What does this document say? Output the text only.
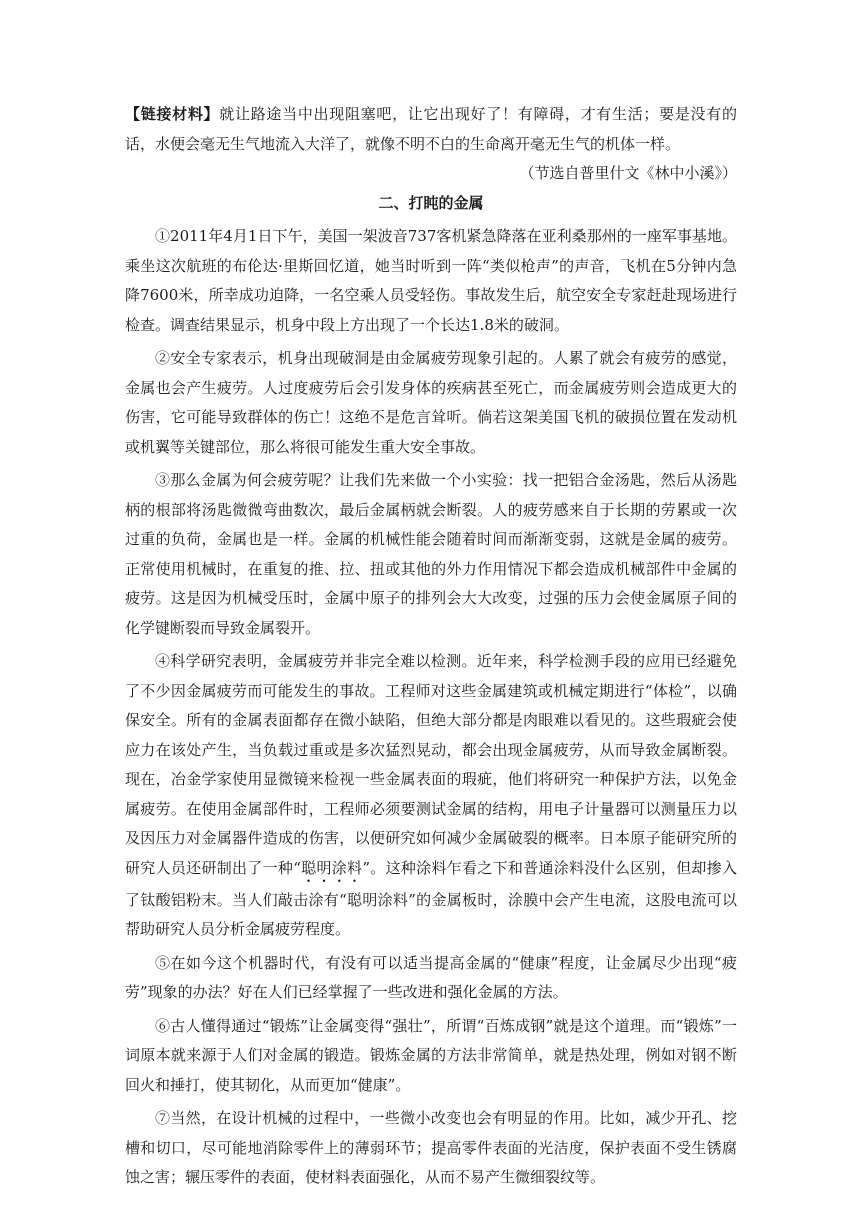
【链接材料】就让路途当中出现阻塞吧，让它出现好了！有障碍，才有生活；要是没有的话，水便会毫无生气地流入大洋了，就像不明不白的生命离开毫无生气的机体一样。

（节选自普里什文《林中小溪》）

二、打盹的金属

①2011年4月1日下午，美国一架波音737客机紧急降落在亚利桑那州的一座军事基地。乘坐这次航班的布伦达·里斯回忆道，她当时听到一阵“类似枪声”的声音，飞机在5分钟内急降7600米，所幸成功迫降，一名空乘人员受轻伤。事故发生后，航空安全专家赶赴现场进行检查。调查结果显示，机身中段上方出现了一个长达1.8米的破洞。

②安全专家表示，机身出现破洞是由金属疲劳现象引起的。人累了就会有疲劳的感觉，金属也会产生疲劳。人过度疲劳后会引发身体的疾病甚至死亡，而金属疲劳则会造成更大的伤害，它可能导致群体的伤亡！这绝不是危言耸听。倘若这架美国飞机的破损位置在发动机或机翼等关键部位，那么将很可能发生重大安全事故。

③那么金属为何会疲劳呢？让我们先来做一个小实验：找一把铝合金汤匙，然后从汤匙柄的根部将汤匙微微弯曲数次，最后金属柄就会断裂。人的疲劳感来自于长期的劳累或一次过重的负荷，金属也是一样。金属的机械性能会随着时间而渐渐变弱，这就是金属的疲劳。正常使用机械时，在重复的推、拉、扭或其他的外力作用情况下都会造成机械部件中金属的疲劳。这是因为机械受压时，金属中原子的排列会大大改变，过强的压力会使金属原子间的化学键断裂而导致金属裂开。

④科学研究表明，金属疲劳并非完全难以检测。近年来，科学检测手段的应用已经避免了不少因金属疲劳而可能发生的事故。工程师对这些金属建筑或机械定期进行“体检”，以确保安全。所有的金属表面都存在微小缺陷，但绝大部分都是肉眼难以看见的。这些瑕疵会使应力在该处产生，当负载过重或是多次猛烈晃动，都会出现金属疲劳，从而导致金属断裂。现在，冶金学家使用显微镜来检视一些金属表面的瑕疵，他们将研究一种保护方法，以免金属疲劳。在使用金属部件时，工程师必须要测试金属的结构，用电子计量器可以测量压力以及因压力对金属器件造成的伤害，以便研究如何减少金属破裂的概率。日本原子能研究所的研究人员还研制出了一种“聪明涂料”。这种涂料乍看之下和普通涂料没什么区别，但却掺入了钛酸铝粉末。当人们敲击涂有“聪明涂料”的金属板时，涂膜中会产生电流，这股电流可以帮助研究人员分析金属疲劳程度。

⑤在如今这个机器时代，有没有可以适当提高金属的“健康”程度，让金属尽少出现“疲劳”现象的办法？好在人们已经掌握了一些改进和强化金属的方法。

⑥古人懂得通过“锻炼”让金属变得“强壮”，所谓“百炼成钢”就是这个道理。而“锻炼”一词原本就来源于人们对金属的锻造。锻炼金属的方法非常简单，就是热处理，例如对钢不断回火和捶打，使其韧化，从而更加“健康”。

⑦当然，在设计机械的过程中，一些微小改变也会有明显的作用。比如，减少开孔、挖槽和切口，尽可能地消除零件上的薄弱环节；提高零件表面的光洁度，保护表面不受生锈腐蚀之害；辗压零件的表面，使材料表面强化，从而不易产生微细裂纹等。
